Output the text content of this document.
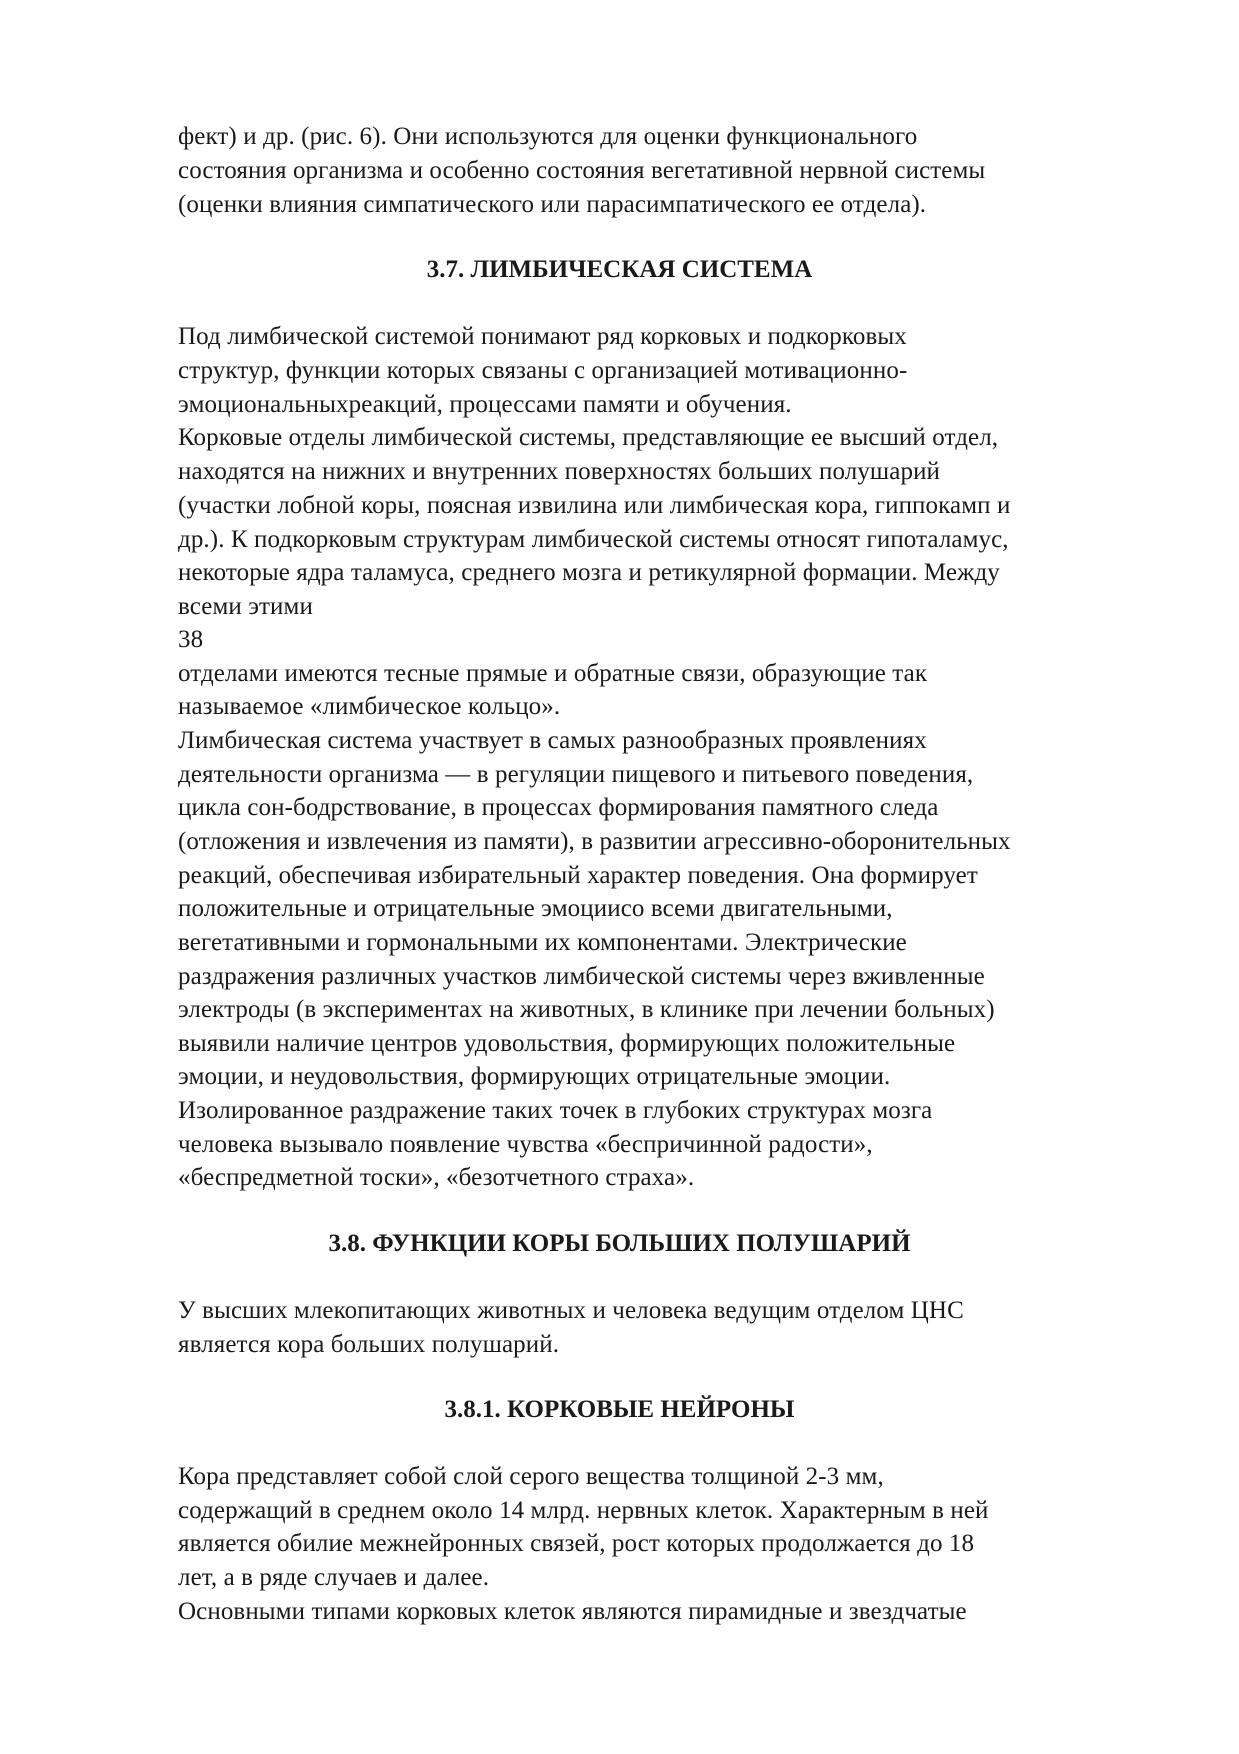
фект) и др. (рис. 6). Они используются для оценки функционального
состояния организма и особенно состояния вегетативной нервной системы
(оценки влияния симпатического или парасимпатического ее отдела).
3.7. ЛИМБИЧЕСКАЯ СИСТЕМА
Под лимбической системой понимают ряд корковых и подкорковых
структур, функции которых связаны с организацией мотивационно-
эмоциональныхреакций, процессами памяти и обучения.
Корковые отделы лимбической системы, представляющие ее высший отдел,
находятся на нижних и внутренних поверхностях больших полушарий
(участки лобной коры, поясная извилина или лимбическая кора, гиппокамп и
др.). К подкорковым структурам лимбической системы относят гипоталамус,
некоторые ядра таламуса, среднего мозга и ретикулярной формации. Между
всеми этими
38
отделами имеются тесные прямые и обратные связи, образующие так
называемое «лимбическое кольцо».
Лимбическая система участвует в самых разнообразных проявлениях
деятельности организма — в регуляции пищевого и питьевого поведения,
цикла сон-бодрствование, в процессах формирования памятного следа
(отложения и извлечения из памяти), в развитии агрессивно-оборонительных
реакций, обеспечивая избирательный характер поведения. Она формирует
положительные и отрицательные эмоциисо всеми двигательными,
вегетативными и гормональными их компонентами. Электрические
раздражения различных участков лимбической системы через вживленные
электроды (в экспериментах на животных, в клинике при лечении больных)
выявили наличие центров удовольствия, формирующих положительные
эмоции, и неудовольствия, формирующих отрицательные эмоции.
Изолированное раздражение таких точек в глубоких структурах мозга
человека вызывало появление чувства «беспричинной радости»,
«беспредметной тоски», «безотчетного страха».
3.8. ФУНКЦИИ КОРЫ БОЛЬШИХ ПОЛУШАРИЙ
У высших млекопитающих животных и человека ведущим отделом ЦНС
является кора больших полушарий.
3.8.1. КОРКОВЫЕ НЕЙРОНЫ
Кора представляет собой слой серого вещества толщиной 2-3 мм,
содержащий в среднем около 14 млрд. нервных клеток. Характерным в ней
является обилие межнейронных связей, рост которых продолжается до 18
лет, а в ряде случаев и далее.
Основными типами корковых клеток являются пирамидные и звездчатые
